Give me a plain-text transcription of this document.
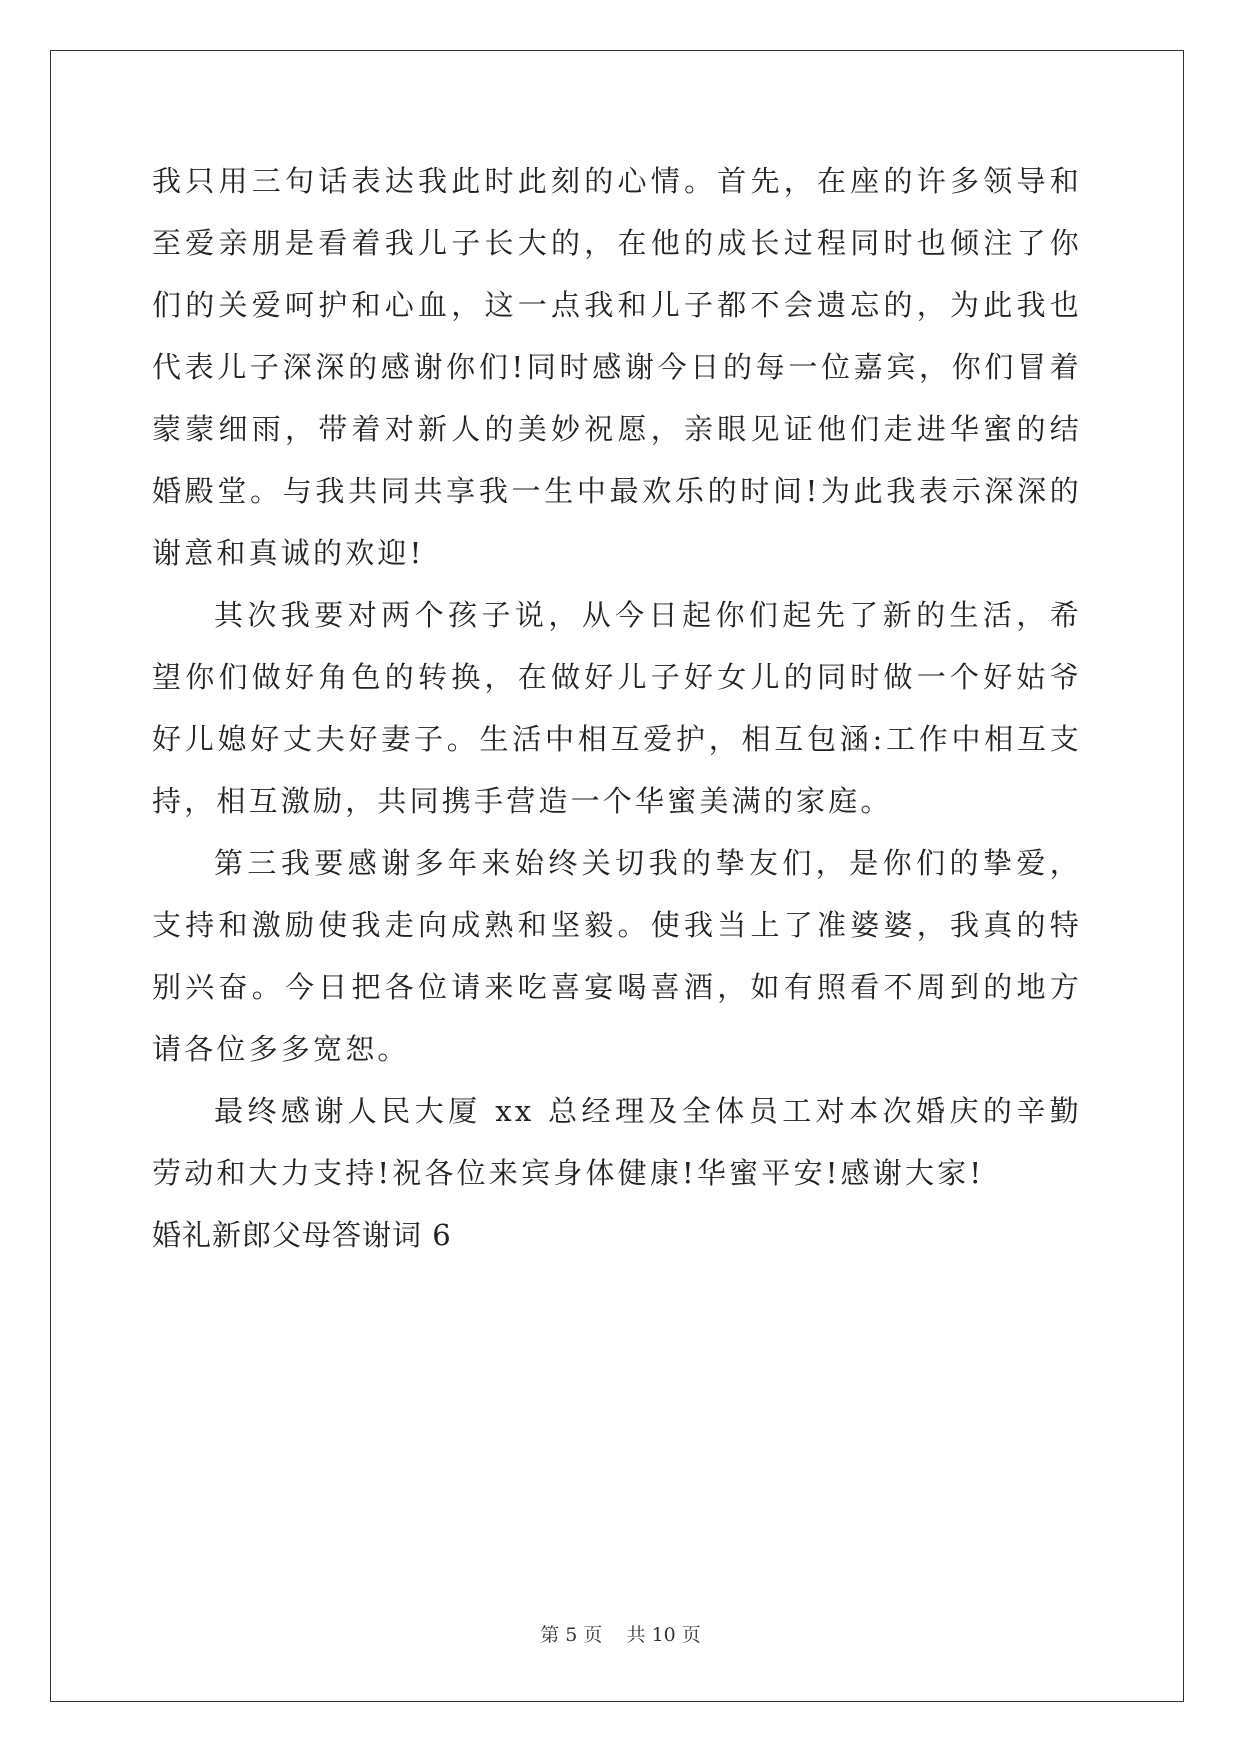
我只用三句话表达我此时此刻的心情。首先，在座的许多领导和至爱亲朋是看着我儿子长大的，在他的成长过程同时也倾注了你们的关爱呵护和心血，这一点我和儿子都不会遗忘的，为此我也代表儿子深深的感谢你们!同时感谢今日的每一位嘉宾，你们冒着蒙蒙细雨，带着对新人的美妙祝愿，亲眼见证他们走进华蜜的结婚殿堂。与我共同共享我一生中最欢乐的时间!为此我表示深深的谢意和真诚的欢迎!

其次我要对两个孩子说，从今日起你们起先了新的生活，希望你们做好角色的转换，在做好儿子好女儿的同时做一个好姑爷好儿媳好丈夫好妻子。生活中相互爱护，相互包涵:工作中相互支持，相互激励，共同携手营造一个华蜜美满的家庭。

第三我要感谢多年来始终关切我的挚友们，是你们的挚爱，支持和激励使我走向成熟和坚毅。使我当上了准婆婆，我真的特别兴奋。今日把各位请来吃喜宴喝喜酒，如有照看不周到的地方请各位多多宽恕。

最终感谢人民大厦 xx 总经理及全体员工对本次婚庆的辛勤劳动和大力支持!祝各位来宾身体健康!华蜜平安!感谢大家!

婚礼新郎父母答谢词 6

第 5 页 共 10 页
